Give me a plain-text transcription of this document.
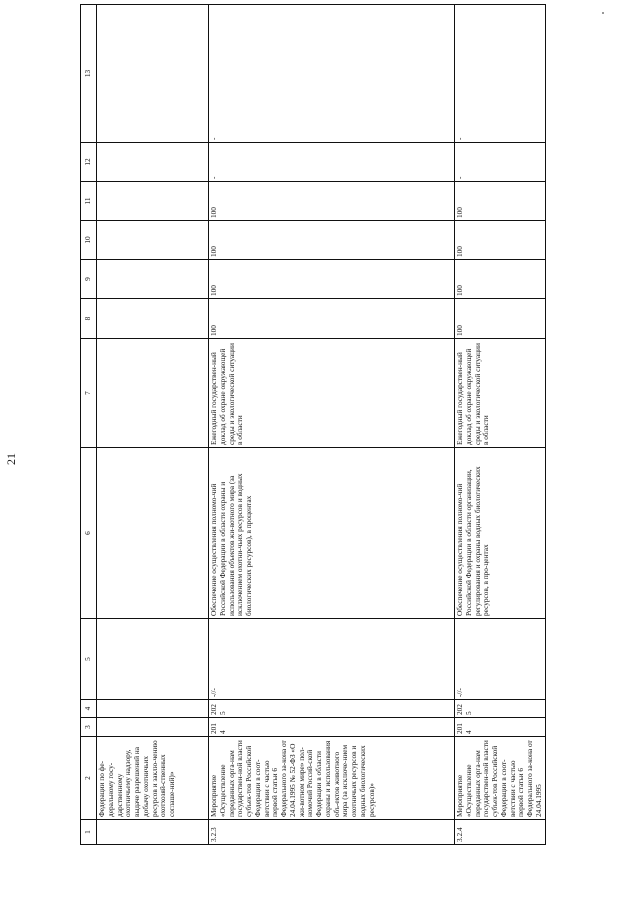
21
1	2	3	4	5	6	7	8	9	10	11	12	13
	Федерации по фе-деральному госу-дарственному охотничьему надзору, выдаче разрешений на добычу охотничьих ресурсов и заклю-чению охотхозяй-ственных соглаше-ний)»											
3.2.3	Мероприятие «Осуществление переданных орга-нам государствен-ной власти субъек-тов Российской Федерации в соот-ветствии с частью первой статьи 6 Федерального за-кона от 24.04.1995 № 52-ФЗ «О жи-вотном мире» пол-номочий Россий-ской Федерации в области охраны и использования объ-ектов животного мира (за исключе-нием охотничьих ресурсов и водных биологических ресурсов)»	2014	2025	-//-	Обеспечение осуществления полномо-чий Российской Федерации в области охраны и использования объектов жи-вотного мира (за исключением охотни-чьих ресурсов и водных биологических ресурсов), в процентах	Ежегодный государствен-ный доклад об охране окружающей среды и экологической ситуации в области	100	100	100	100	-	-
3.2.4	Мероприятие «Осуществление переданных орга-нам государствен-ной власти субъек-тов Российской Федерации в соот-ветствии с частью первой статьи 6 Федерального за-кона от 24.04.1995	2014	2025	-//-	Обеспечение осуществления полномо-чий Российской Федерации в области организации, регулирования и охраны водных биологических ресурсов, в про-центах	Ежегодный государствен-ный доклад об охране окружающей среды и экологической ситуации в области	100	100	100	100	-	-
